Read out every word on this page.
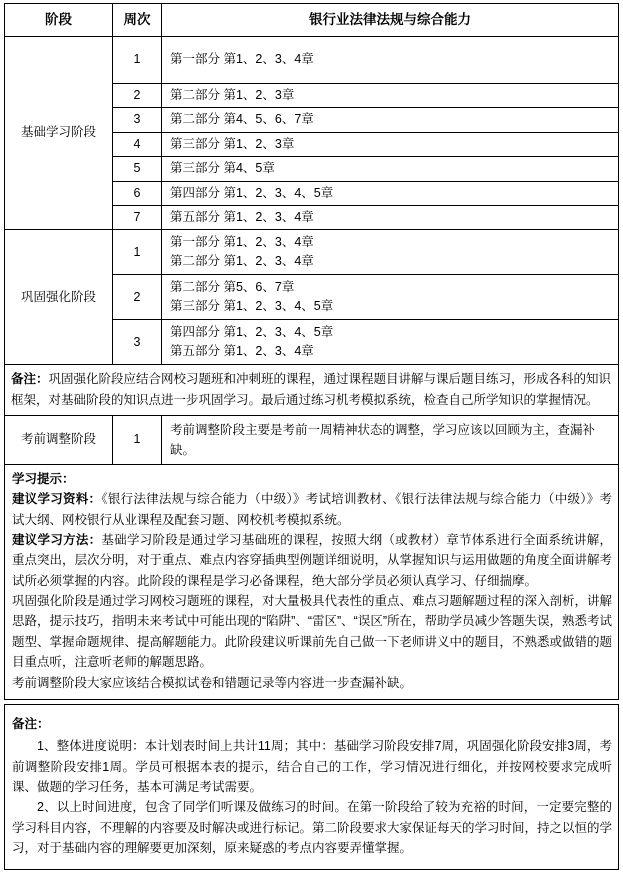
阶段	周次	银行业法律法规与综合能力
基础学习阶段	1	第一部分 第1、2、3、4章
	2	第二部分 第1、2、3章
	3	第二部分 第4、5、6、7章
	4	第三部分 第1、2、3章
	5	第三部分 第4、5章
	6	第四部分 第1、2、3、4、5章
	7	第五部分 第1、2、3、4章
巩固强化阶段	1	第一部分 第1、2、3、4章
第二部分 第1、2、3、4章

	2	第二部分 第5、6、7章
第三部分 第1、2、3、4、5章

	3	第四部分 第1、2、3、4、5章
第五部分 第1、2、3、4章

备注：巩固强化阶段应结合网校习题班和冲刺班的课程，通过课程题目讲解与课后题目练习，形成各科的知识框架，对基础阶段的知识点进一步巩固学习。最后通过练习机考模拟系统，检查自己所学知识的掌握情况。		
考前调整阶段	1	考前调整阶段主要是考前一周精神状态的调整，学习应该以回顾为主，查漏补缺。
学习提示：
建议学习资料：《银行法律法规与综合能力（中级）》考试培训教材、《银行法律法规与综合能力（中级）》考试大纲、网校银行从业课程及配套习题、网校机考模拟系统。
建议学习方法：基础学习阶段是通过学习基础班的课程，按照大纲（或教材）章节体系进行全面系统讲解，重点突出，层次分明，对于重点、难点内容穿插典型例题详细说明，从掌握知识与运用做题的角度全面讲解考试所必须掌握的内容。此阶段的课程是学习必备课程，绝大部分学员必须认真学习、仔细揣摩。
巩固强化阶段是通过学习网校习题班的课程，对大量极具代表性的重点、难点习题解题过程的深入剖析，讲解思路，提示技巧，指明未来考试中可能出现的“陷阱”、“雷区”、“误区”所在，帮助学员减少答题失误，熟悉考试题型、掌握命题规律、提高解题能力。此阶段建议听课前先自己做一下老师讲义中的题目，不熟悉或做错的题目重点听，注意听老师的解题思路。
考前调整阶段大家应该结合模拟试卷和错题记录等内容进一步查漏补缺。
备注：
1、整体进度说明：本计划表时间上共计11周；其中：基础学习阶段安排7周，巩固强化阶段安排3周，考前调整阶段安排1周。学员可根据本表的提示，结合自己的工作，学习情况进行细化，并按网校要求完成听课、做题的学习任务，基本可满足考试需要。
2、以上时间进度，包含了同学们听课及做练习的时间。在第一阶段给了较为充裕的时间，一定要完整的学习科目内容，不理解的内容要及时解决或进行标记。第二阶段要求大家保证每天的学习时间，持之以恒的学习，对于基础内容的理解要更加深刻，原来疑惑的考点内容要弄懂掌握。
